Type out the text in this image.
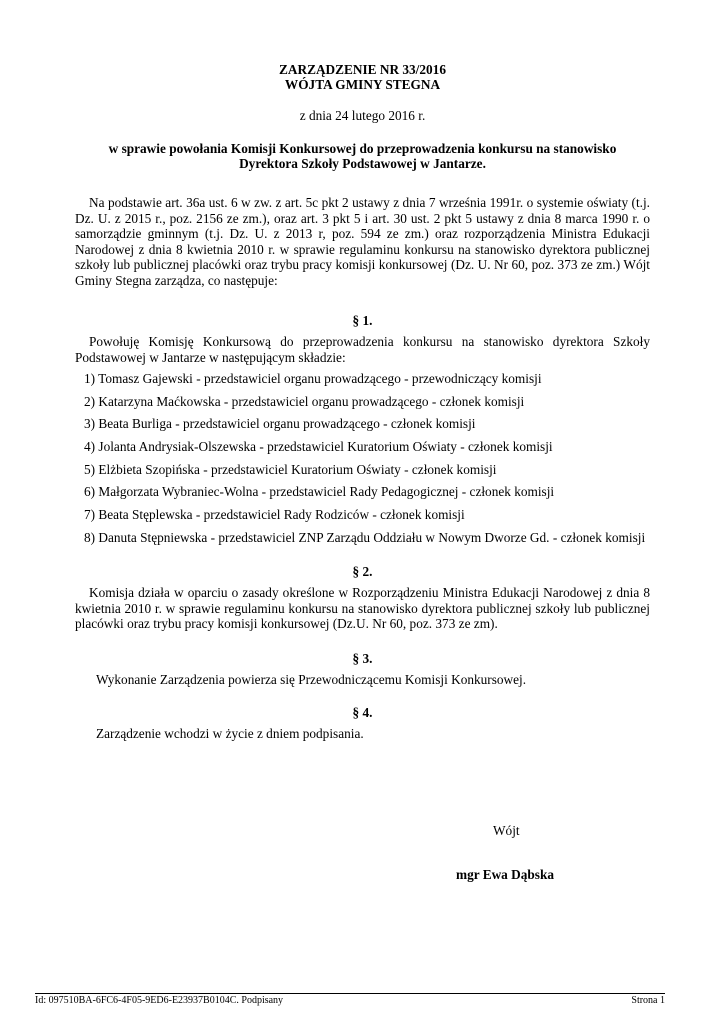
ZARZĄDZENIE NR 33/2016
WÓJTA GMINY STEGNA
z dnia 24 lutego 2016 r.
w sprawie powołania Komisji Konkursowej do przeprowadzenia konkursu na stanowisko
Dyrektora Szkoły Podstawowej w Jantarze.
Na podstawie art. 36a ust. 6 w zw. z art. 5c pkt 2 ustawy z dnia 7 września 1991r. o systemie oświaty (t.j. Dz. U. z 2015 r., poz. 2156 ze zm.), oraz art. 3 pkt 5 i art. 30 ust. 2 pkt 5 ustawy z dnia 8 marca 1990 r. o samorządzie gminnym (t.j. Dz. U. z 2013 r, poz. 594 ze zm.) oraz rozporządzenia Ministra Edukacji Narodowej z dnia 8 kwietnia 2010 r. w sprawie regulaminu konkursu na stanowisko dyrektora publicznej szkoły lub publicznej placówki oraz trybu pracy komisji konkursowej (Dz. U. Nr 60, poz. 373 ze zm.) Wójt Gminy Stegna zarządza, co następuje:
§ 1.
Powołuję Komisję Konkursową do przeprowadzenia konkursu na stanowisko dyrektora Szkoły Podstawowej w Jantarze w następującym składzie:
1) Tomasz Gajewski - przedstawiciel organu prowadzącego - przewodniczący komisji
2) Katarzyna Maćkowska - przedstawiciel organu prowadzącego - członek komisji
3) Beata Burliga - przedstawiciel organu prowadzącego - członek komisji
4) Jolanta Andrysiak-Olszewska - przedstawiciel Kuratorium Oświaty - członek komisji
5) Elżbieta Szopińska - przedstawiciel Kuratorium Oświaty - członek komisji
6) Małgorzata Wybraniec-Wolna - przedstawiciel Rady Pedagogicznej - członek komisji
7) Beata Stęplewska - przedstawiciel Rady Rodziców - członek komisji
8) Danuta Stępniewska - przedstawiciel ZNP Zarządu Oddziału w Nowym Dworze Gd. - członek komisji
§ 2.
Komisja działa w oparciu o zasady określone w Rozporządzeniu Ministra Edukacji Narodowej z dnia 8 kwietnia 2010 r. w sprawie regulaminu konkursu na stanowisko dyrektora publicznej szkoły lub publicznej placówki oraz trybu pracy komisji konkursowej (Dz.U. Nr 60, poz. 373 ze zm).
§ 3.
Wykonanie Zarządzenia powierza się Przewodniczącemu Komisji Konkursowej.
§ 4.
Zarządzenie wchodzi w życie z dniem podpisania.
Wójt
mgr Ewa Dąbska
Id: 097510BA-6FC6-4F05-9ED6-E23937B0104C. Podpisany	Strona 1
